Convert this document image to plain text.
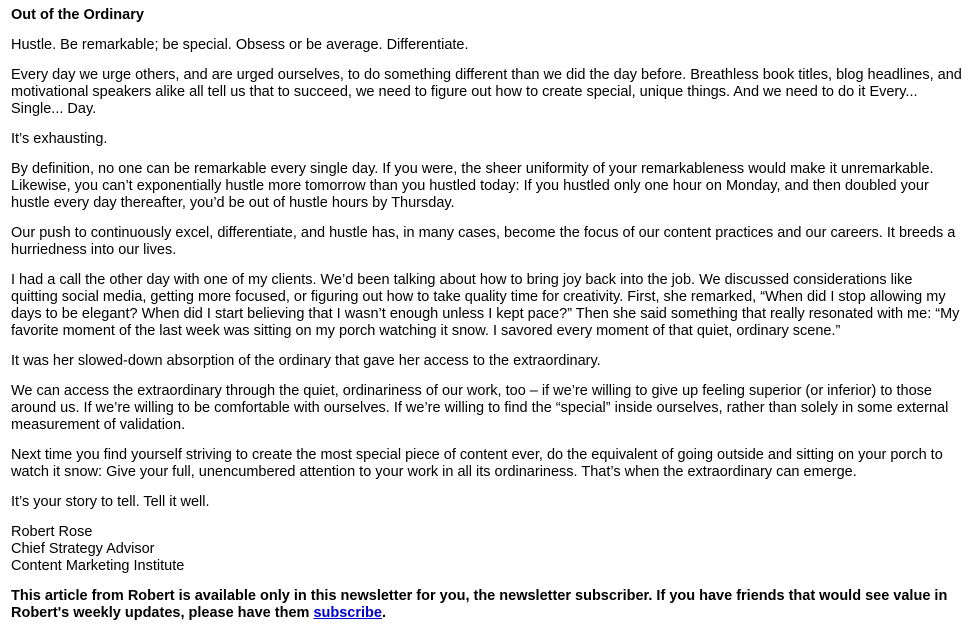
Out of the Ordinary

Hustle. Be remarkable; be special. Obsess or be average. Differentiate.

Every day we urge others, and are urged ourselves, to do something different than we did the day before. Breathless book titles, blog headlines, and motivational speakers alike all tell us that to succeed, we need to figure out how to create special, unique things. And we need to do it Every... Single... Day.

It’s exhausting.

By definition, no one can be remarkable every single day. If you were, the sheer uniformity of your remarkableness would make it unremarkable. Likewise, you can’t exponentially hustle more tomorrow than you hustled today: If you hustled only one hour on Monday, and then doubled your hustle every day thereafter, you’d be out of hustle hours by Thursday.

Our push to continuously excel, differentiate, and hustle has, in many cases, become the focus of our content practices and our careers. It breeds a hurriedness into our lives.

I had a call the other day with one of my clients. We’d been talking about how to bring joy back into the job. We discussed considerations like quitting social media, getting more focused, or figuring out how to take quality time for creativity. First, she remarked, “When did I stop allowing my days to be elegant? When did I start believing that I wasn’t enough unless I kept pace?” Then she said something that really resonated with me: “My favorite moment of the last week was sitting on my porch watching it snow. I savored every moment of that quiet, ordinary scene.”

It was her slowed-down absorption of the ordinary that gave her access to the extraordinary.

We can access the extraordinary through the quiet, ordinariness of our work, too – if we’re willing to give up feeling superior (or inferior) to those around us. If we’re willing to be comfortable with ourselves. If we’re willing to find the “special” inside ourselves, rather than solely in some external measurement of validation.

Next time you find yourself striving to create the most special piece of content ever, do the equivalent of going outside and sitting on your porch to watch it snow: Give your full, unencumbered attention to your work in all its ordinariness. That’s when the extraordinary can emerge.

It’s your story to tell. Tell it well.

Robert Rose

Chief Strategy Advisor

Content Marketing Institute

This article from Robert is available only in this newsletter for you, the newsletter subscriber. If you have friends that would see value in Robert's weekly updates, please have them subscribe.
